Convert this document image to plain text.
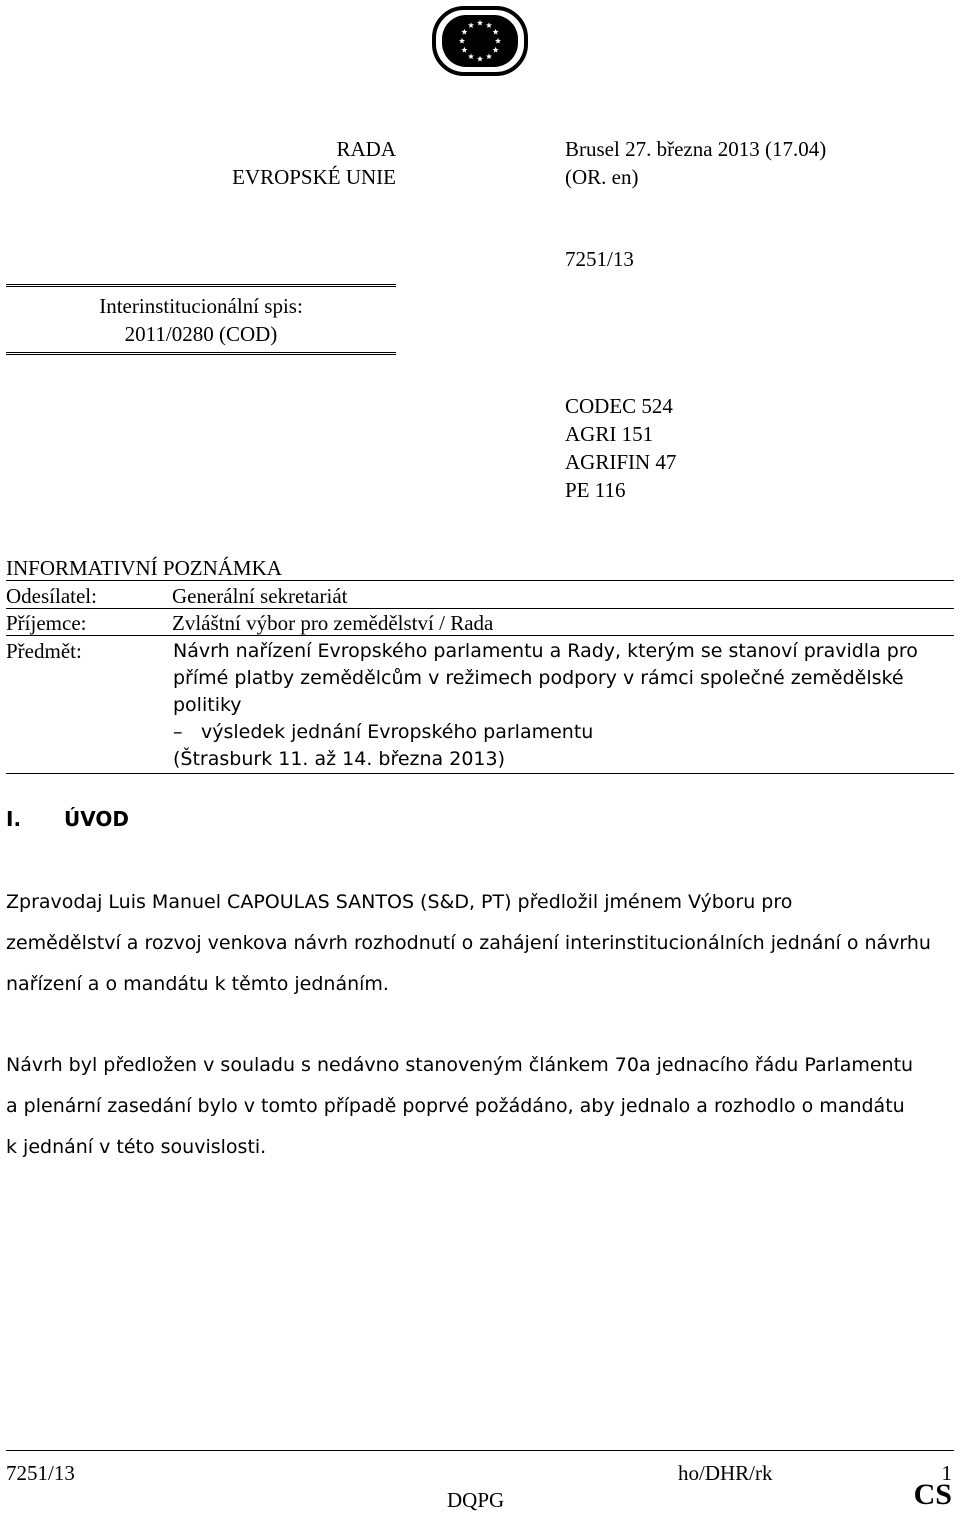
RADA
EVROPSKÉ UNIE
Brusel 27. března 2013 (17.04)
(OR. en)
7251/13
Interinstitucionální spis:
2011/0280 (COD)
CODEC 524
AGRI 151
AGRIFIN 47
PE 116
INFORMATIVNÍ POZNÁMKA
Odesílatel:	Generální sekretariát
Příjemce:	Zvláštní výbor pro zemědělství / Rada
Předmět:	Návrh nařízení Evropského parlamentu a Rady, kterým se stanoví pravidla pro
přímé platby zemědělcům v režimech podpory v rámci společné zemědělské
politiky
– výsledek jednání Evropského parlamentu
(Štrasburk 11. až 14. března 2013)
I. ÚVOD
Zpravodaj Luis Manuel CAPOULAS SANTOS (S&D, PT) předložil jménem Výboru pro
zemědělství a rozvoj venkova návrh rozhodnutí o zahájení interinstitucionálních jednání o návrhu
nařízení a o mandátu k těmto jednáním.
Návrh byl předložen v souladu s nedávno stanoveným článkem 70a jednacího řádu Parlamentu
a plenární zasedání bylo v tomto případě poprvé požádáno, aby jednalo a rozhodlo o mandátu
k jednání v této souvislosti.
7251/13	ho/DHR/rk	1
DQPG	CS
